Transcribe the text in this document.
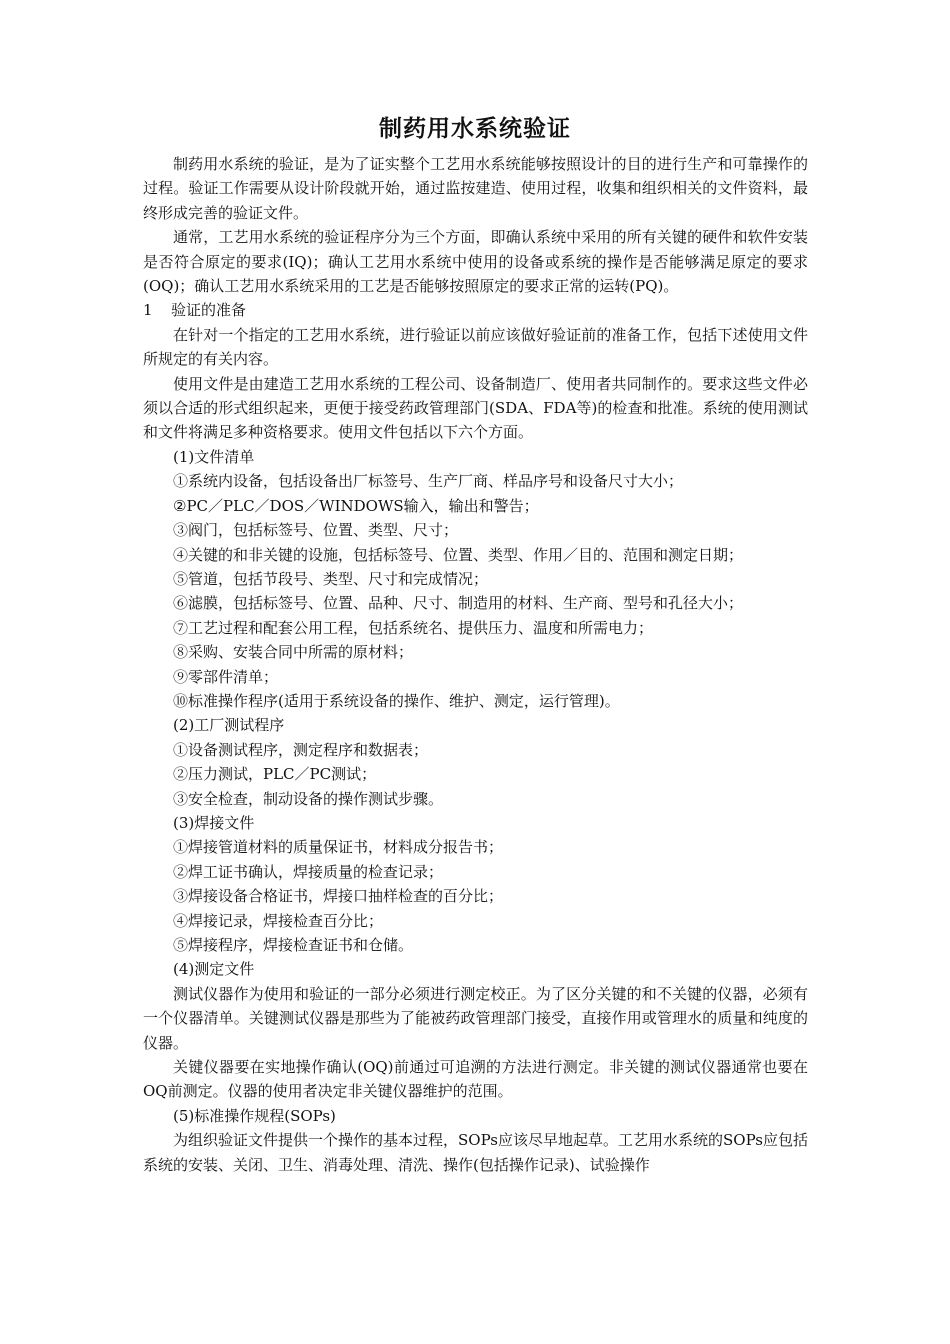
制药用水系统验证

制药用水系统的验证，是为了证实整个工艺用水系统能够按照设计的目的进行生产和可靠操作的过程。验证工作需要从设计阶段就开始，通过监按建造、使用过程，收集和组织相关的文件资料，最终形成完善的验证文件。

通常，工艺用水系统的验证程序分为三个方面，即确认系统中采用的所有关键的硬件和软件安装是否符合原定的要求(IQ)；确认工艺用水系统中使用的设备或系统的操作是否能够满足原定的要求(OQ)；确认工艺用水系统采用的工艺是否能够按照原定的要求正常的运转(PQ)。

1 验证的准备

在针对一个指定的工艺用水系统，进行验证以前应该做好验证前的准备工作，包括下述使用文件所规定的有关内容。

使用文件是由建造工艺用水系统的工程公司、设备制造厂、使用者共同制作的。要求这些文件必须以合适的形式组织起来，更便于接受药政管理部门(SDA、FDA等)的检查和批准。系统的使用测试和文件将满足多种资格要求。使用文件包括以下六个方面。

(1)文件清单

①系统内设备，包括设备出厂标签号、生产厂商、样品序号和设备尺寸大小；

②PC／PLC／DOS／WINDOWS输入，输出和警告；

③阀门，包括标签号、位置、类型、尺寸；

④关键的和非关键的设施，包括标签号、位置、类型、作用／目的、范围和测定日期；

⑤管道，包括节段号、类型、尺寸和完成情况；

⑥滤膜，包括标签号、位置、品种、尺寸、制造用的材料、生产商、型号和孔径大小；

⑦工艺过程和配套公用工程，包括系统名、提供压力、温度和所需电力；

⑧采购、安装合同中所需的原材料；

⑨零部件清单；

⑩标准操作程序(适用于系统设备的操作、维护、测定，运行管理)。

(2)工厂测试程序

①设备测试程序，测定程序和数据表；

②压力测试，PLC／PC测试；

③安全检查，制动设备的操作测试步骤。

(3)焊接文件

①焊接管道材料的质量保证书，材料成分报告书；

②焊工证书确认，焊接质量的检查记录；

③焊接设备合格证书，焊接口抽样检查的百分比；

④焊接记录，焊接检查百分比；

⑤焊接程序，焊接检查证书和仓储。

(4)测定文件

测试仪器作为使用和验证的一部分必须进行测定校正。为了区分关键的和不关键的仪器，必须有一个仪器清单。关键测试仪器是那些为了能被药政管理部门接受，直接作用或管理水的质量和纯度的仪器。

关键仪器要在实地操作确认(OQ)前通过可追溯的方法进行测定。非关键的测试仪器通常也要在OQ前测定。仪器的使用者决定非关键仪器维护的范围。

(5)标准操作规程(SOPs)

为组织验证文件提供一个操作的基本过程，SOPs应该尽早地起草。工艺用水系统的SOPs应包括系统的安装、关闭、卫生、消毒处理、清洗、操作(包括操作记录)、试验操作
